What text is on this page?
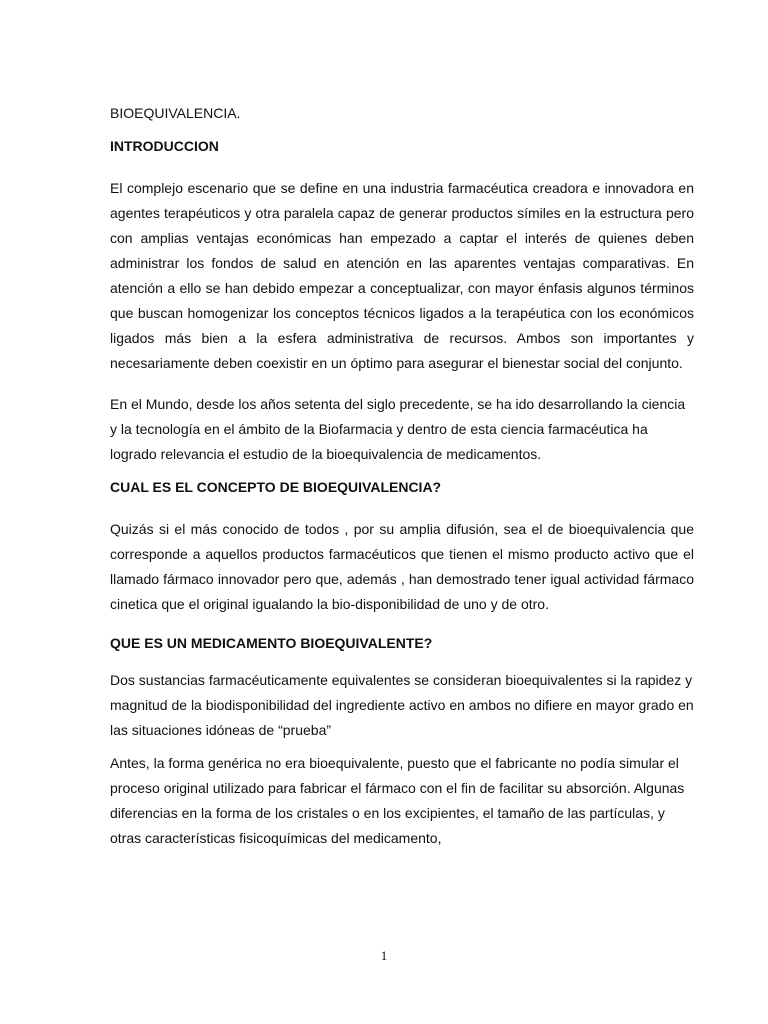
BIOEQUIVALENCIA.

INTRODUCCION

El complejo escenario que se define en una industria farmacéutica creadora e innovadora en agentes terapéuticos y otra paralela capaz de generar productos símiles en la estructura pero con amplias ventajas económicas han empezado a captar el interés de quienes deben administrar los fondos de salud en atención en las aparentes ventajas comparativas. En atención a ello se han debido empezar a conceptualizar, con mayor énfasis algunos términos que buscan homogenizar los conceptos técnicos ligados a la terapéutica con los económicos ligados más bien a la esfera administrativa de recursos. Ambos son importantes y necesariamente deben coexistir en un óptimo para asegurar el bienestar social del conjunto.

En el Mundo, desde los años setenta del siglo precedente, se ha ido desarrollando la ciencia y la tecnología en el ámbito de la Biofarmacia y dentro de esta ciencia farmacéutica ha logrado relevancia el estudio de la bioequivalencia de medicamentos.

CUAL ES EL CONCEPTO DE BIOEQUIVALENCIA?

Quizás si el más conocido de todos , por su amplia difusión, sea el de bioequivalencia que corresponde a aquellos productos farmacéuticos que tienen el mismo producto activo que el llamado fármaco innovador pero que, además , han demostrado tener igual actividad fármaco cinetica que el original igualando la bio-disponibilidad de uno y de otro.

QUE ES UN MEDICAMENTO BIOEQUIVALENTE?

Dos sustancias farmacéuticamente equivalentes se consideran bioequivalentes si la rapidez y magnitud de la biodisponibilidad del ingrediente activo en ambos no difiere en mayor grado en las situaciones idóneas de “prueba”

Antes, la forma genérica no era bioequivalente, puesto que el fabricante no podía simular el proceso original utilizado para fabricar el fármaco con el fin de facilitar su absorción. Algunas diferencias en la forma de los cristales o en los excipientes, el tamaño de las partículas, y otras características fisicoquímicas del medicamento,

1
